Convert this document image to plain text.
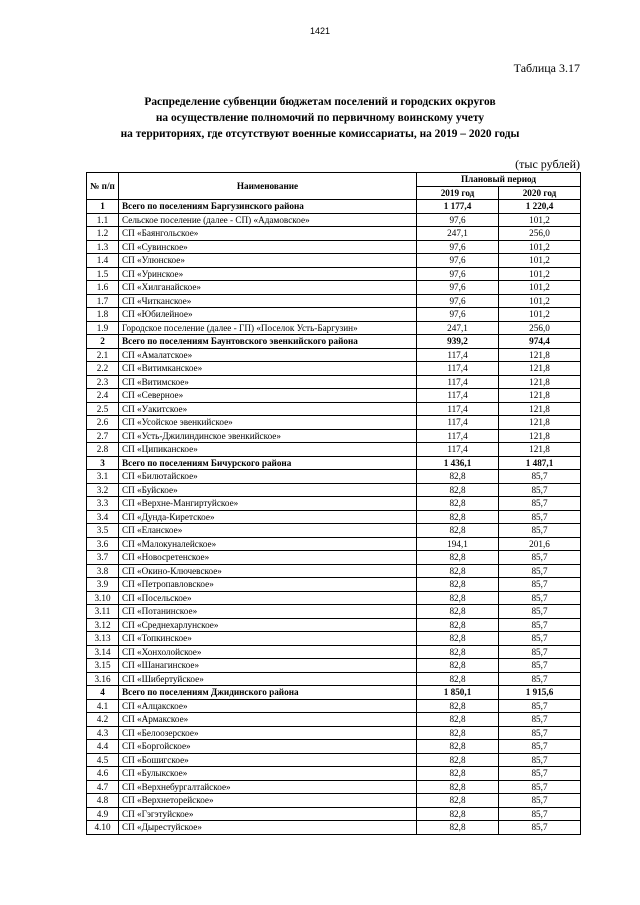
1421
Таблица 3.17
Распределение субвенции бюджетам поселений и городских округов
на осуществление полномочий по первичному воинскому учету
на территориях, где отсутствуют военные комиссариаты, на 2019 – 2020 годы
(тыс рублей)
№ п/п	Наименование	Плановый период	
		2019 год	2020 год
1	Всего по поселениям Баргузинского района	1 177,4	1 220,4
1.1	Сельское поселение (далее - СП) «Адамовское»	97,6	101,2
1.2	СП «Баянгольское»	247,1	256,0
1.3	СП «Сувинское»	97,6	101,2
1.4	СП «Улюнское»	97,6	101,2
1.5	СП «Уринское»	97,6	101,2
1.6	СП «Хилганайское»	97,6	101,2
1.7	СП «Читканское»	97,6	101,2
1.8	СП «Юбилейное»	97,6	101,2
1.9	Городское поселение (далее - ГП) «Поселок Усть-Баргузин»	247,1	256,0
2	Всего по поселениям Баунтовского эвенкийского района	939,2	974,4
2.1	СП «Амалатское»	117,4	121,8
2.2	СП «Витимканское»	117,4	121,8
2.3	СП «Витимское»	117,4	121,8
2.4	СП «Северное»	117,4	121,8
2.5	СП «Уакитское»	117,4	121,8
2.6	СП «Усойское эвенкийское»	117,4	121,8
2.7	СП «Усть-Джилиндинское эвенкийское»	117,4	121,8
2.8	СП «Ципиканское»	117,4	121,8
3	Всего по поселениям Бичурского района	1 436,1	1 487,1
3.1	СП «Билютайское»	82,8	85,7
3.2	СП «Буйское»	82,8	85,7
3.3	СП «Верхне-Мангиртуйское»	82,8	85,7
3.4	СП «Дунда-Киретское»	82,8	85,7
3.5	СП «Еланское»	82,8	85,7
3.6	СП «Малокуналейское»	194,1	201,6
3.7	СП «Новосретенское»	82,8	85,7
3.8	СП «Окино-Ключевское»	82,8	85,7
3.9	СП «Петропавловское»	82,8	85,7
3.10	СП «Посельское»	82,8	85,7
3.11	СП «Потанинское»	82,8	85,7
3.12	СП «Среднехарлунское»	82,8	85,7
3.13	СП «Топкинское»	82,8	85,7
3.14	СП «Хонхолойское»	82,8	85,7
3.15	СП «Шанагинское»	82,8	85,7
3.16	СП «Шибертуйское»	82,8	85,7
4	Всего по поселениям Джидинского района	1 850,1	1 915,6
4.1	СП «Алцакское»	82,8	85,7
4.2	СП «Армакское»	82,8	85,7
4.3	СП «Белоозерское»	82,8	85,7
4.4	СП «Боргойское»	82,8	85,7
4.5	СП «Бошигское»	82,8	85,7
4.6	СП «Булыкское»	82,8	85,7
4.7	СП «Верхнебургалтайское»	82,8	85,7
4.8	СП «Верхнеторейское»	82,8	85,7
4.9	СП «Гэгэтуйское»	82,8	85,7
4.10	СП «Дырестуйское»	82,8	85,7
